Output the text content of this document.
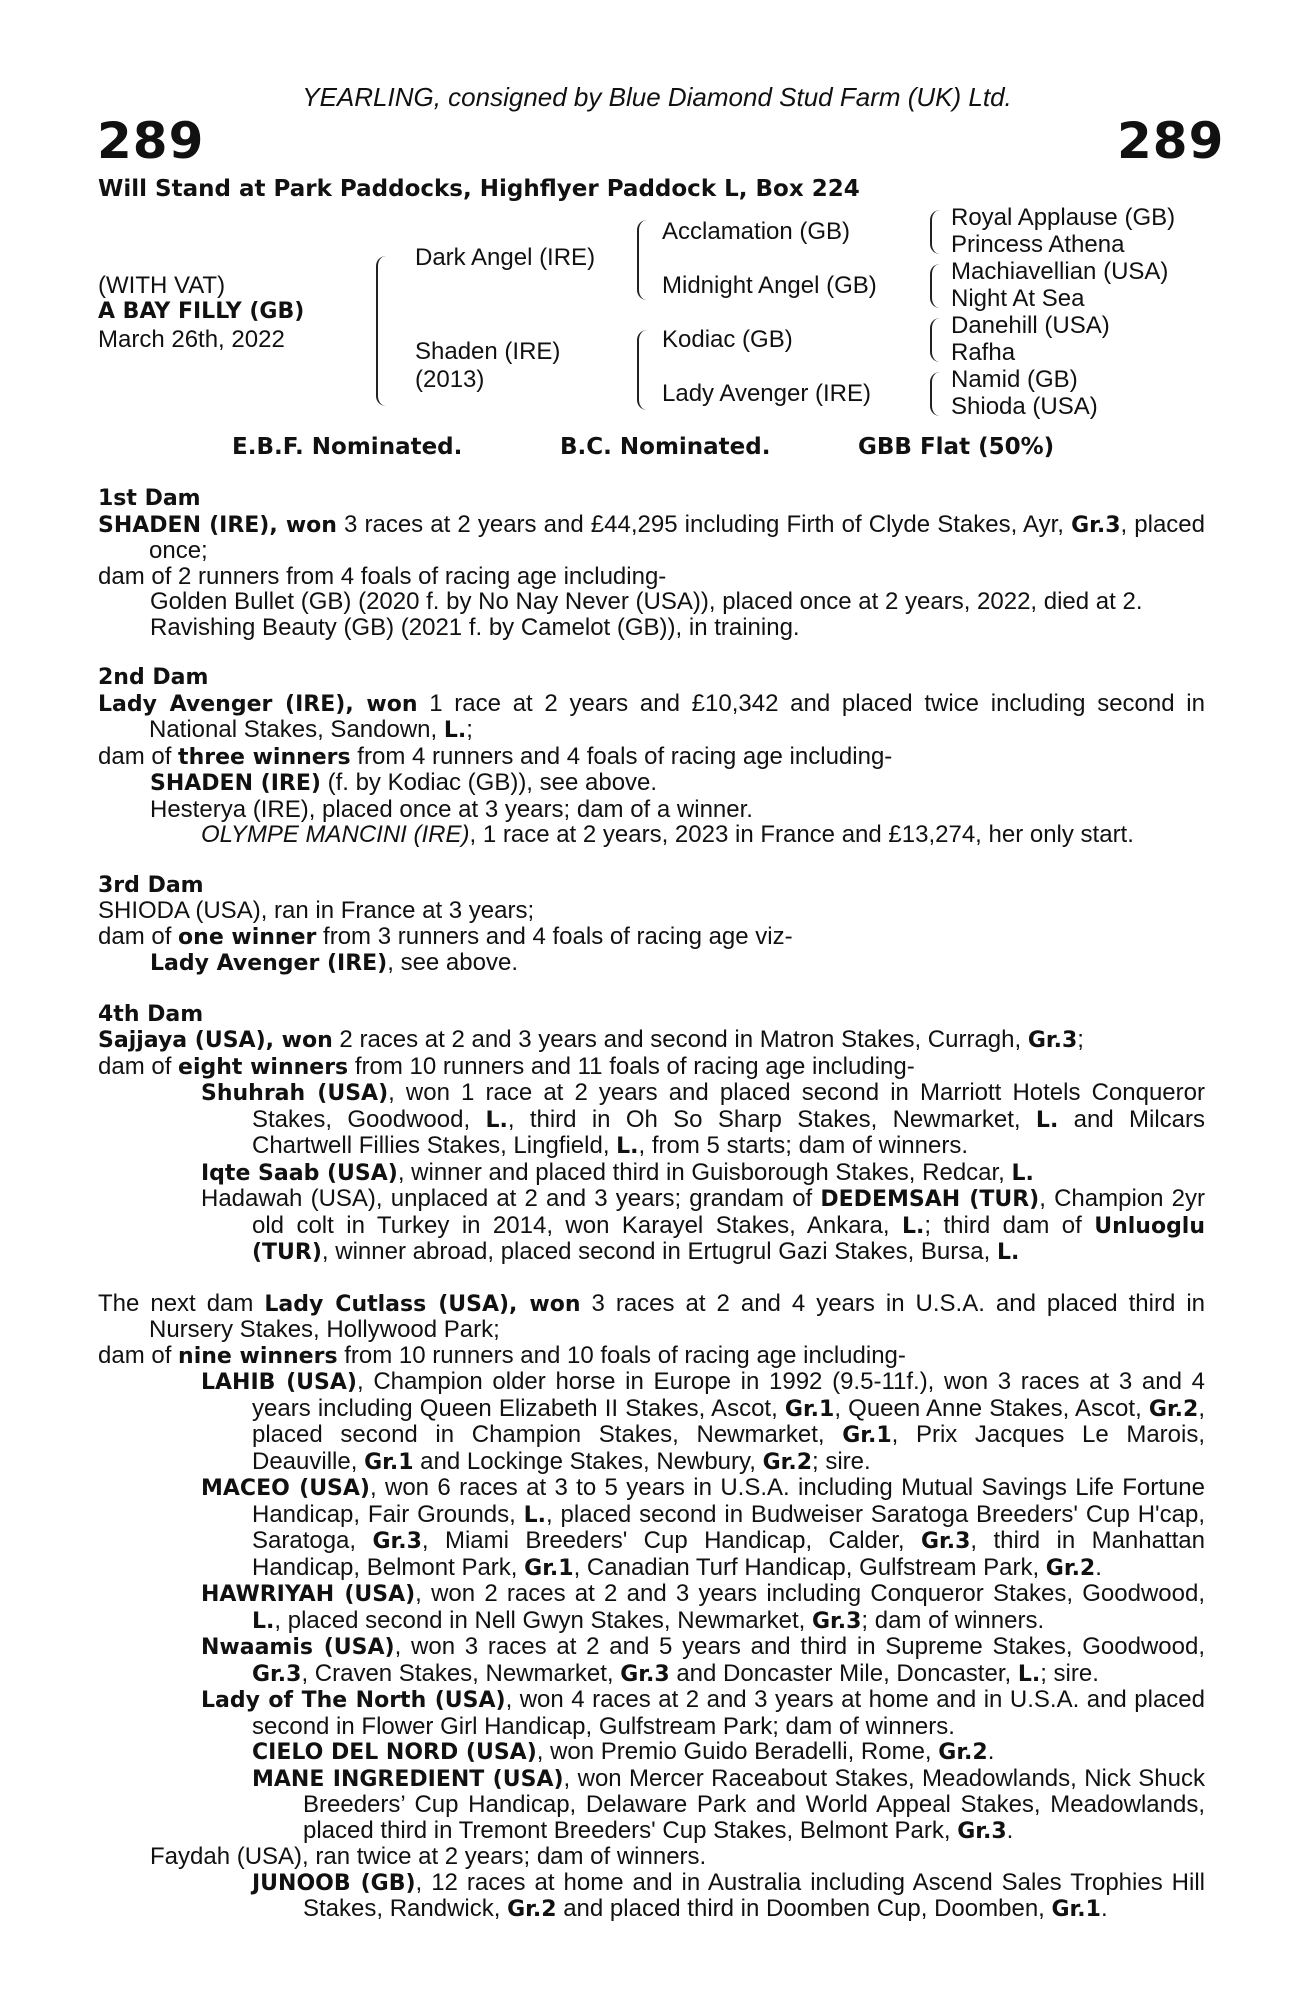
YEARLING, consigned by Blue Diamond Stud Farm (UK) Ltd.
289	289
Will Stand at Park Paddocks, Highflyer Paddock L, Box 224
(WITH VAT)
A BAY FILLY (GB)
March 26th, 2022
Dark Angel (IRE)
Shaden (IRE)
(2013)
Acclamation (GB)
Midnight Angel (GB)
Kodiac (GB)
Lady Avenger (IRE)
Royal Applause (GB)
Princess Athena
Machiavellian (USA)
Night At Sea
Danehill (USA)
Rafha
Namid (GB)
Shioda (USA)
E.B.F. Nominated.	B.C. Nominated.	GBB Flat (50%)

1st Dam

SHADEN (IRE), won 3 races at 2 years and £44,295 including Firth of Clyde Stakes, Ayr, Gr.3, placed once;

dam of 2 runners from 4 foals of racing age including-

Golden Bullet (GB) (2020 f. by No Nay Never (USA)), placed once at 2 years, 2022, died at 2.

Ravishing Beauty (GB) (2021 f. by Camelot (GB)), in training.

2nd Dam

Lady Avenger (IRE), won 1 race at 2 years and £10,342 and placed twice including second in National Stakes, Sandown, L.;

dam of three winners from 4 runners and 4 foals of racing age including-

SHADEN (IRE) (f. by Kodiac (GB)), see above.

Hesterya (IRE), placed once at 3 years; dam of a winner.

OLYMPE MANCINI (IRE), 1 race at 2 years, 2023 in France and £13,274, her only start.

3rd Dam

SHIODA (USA), ran in France at 3 years;

dam of one winner from 3 runners and 4 foals of racing age viz-

Lady Avenger (IRE), see above.

4th Dam

Sajjaya (USA), won 2 races at 2 and 3 years and second in Matron Stakes, Curragh, Gr.3;

dam of eight winners from 10 runners and 11 foals of racing age including-

Shuhrah (USA), won 1 race at 2 years and placed second in Marriott Hotels Conqueror Stakes, Goodwood, L., third in Oh So Sharp Stakes, Newmarket, L. and Milcars Chartwell Fillies Stakes, Lingfield, L., from 5 starts; dam of winners.

Iqte Saab (USA), winner and placed third in Guisborough Stakes, Redcar, L.

Hadawah (USA), unplaced at 2 and 3 years; grandam of DEDEMSAH (TUR), Champion 2yr old colt in Turkey in 2014, won Karayel Stakes, Ankara, L.; third dam of Unluoglu (TUR), winner abroad, placed second in Ertugrul Gazi Stakes, Bursa, L.

The next dam Lady Cutlass (USA), won 3 races at 2 and 4 years in U.S.A. and placed third in Nursery Stakes, Hollywood Park;

dam of nine winners from 10 runners and 10 foals of racing age including-

LAHIB (USA), Champion older horse in Europe in 1992 (9.5-11f.), won 3 races at 3 and 4 years including Queen Elizabeth II Stakes, Ascot, Gr.1, Queen Anne Stakes, Ascot, Gr.2, placed second in Champion Stakes, Newmarket, Gr.1, Prix Jacques Le Marois, Deauville, Gr.1 and Lockinge Stakes, Newbury, Gr.2; sire.

MACEO (USA), won 6 races at 3 to 5 years in U.S.A. including Mutual Savings Life Fortune Handicap, Fair Grounds, L., placed second in Budweiser Saratoga Breeders' Cup H'cap, Saratoga, Gr.3, Miami Breeders' Cup Handicap, Calder, Gr.3, third in Manhattan Handicap, Belmont Park, Gr.1, Canadian Turf Handicap, Gulfstream Park, Gr.2.

HAWRIYAH (USA), won 2 races at 2 and 3 years including Conqueror Stakes, Goodwood, L., placed second in Nell Gwyn Stakes, Newmarket, Gr.3; dam of winners.

Nwaamis (USA), won 3 races at 2 and 5 years and third in Supreme Stakes, Goodwood, Gr.3, Craven Stakes, Newmarket, Gr.3 and Doncaster Mile, Doncaster, L.; sire.

Lady of The North (USA), won 4 races at 2 and 3 years at home and in U.S.A. and placed second in Flower Girl Handicap, Gulfstream Park; dam of winners.

CIELO DEL NORD (USA), won Premio Guido Beradelli, Rome, Gr.2.

MANE INGREDIENT (USA), won Mercer Raceabout Stakes, Meadowlands, Nick Shuck Breeders’ Cup Handicap, Delaware Park and World Appeal Stakes, Meadowlands, placed third in Tremont Breeders' Cup Stakes, Belmont Park, Gr.3.

Faydah (USA), ran twice at 2 years; dam of winners.

JUNOOB (GB), 12 races at home and in Australia including Ascend Sales Trophies Hill Stakes, Randwick, Gr.2 and placed third in Doomben Cup, Doomben, Gr.1.
